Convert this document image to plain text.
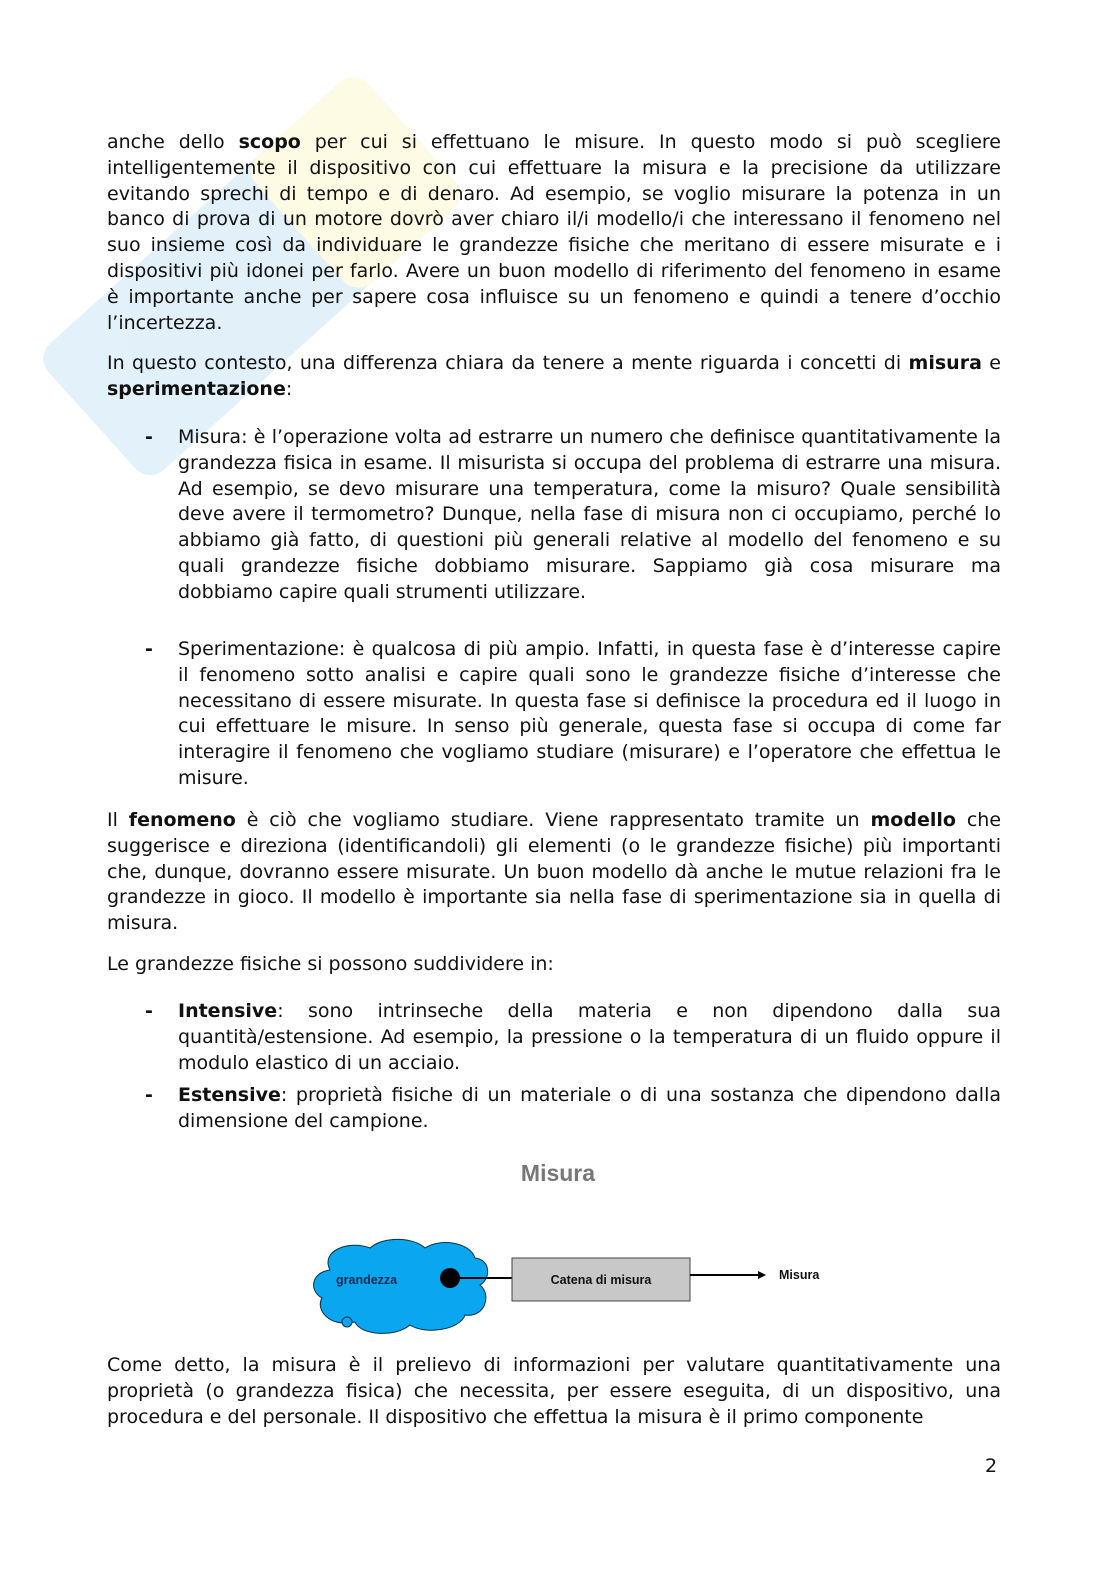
anche dello scopo per cui si effettuano le misure. In questo modo si può scegliere intelligentemente il dispositivo con cui effettuare la misura e la precisione da utilizzare evitando sprechi di tempo e di denaro. Ad esempio, se voglio misurare la potenza in un banco di prova di un motore dovrò aver chiaro il/i modello/i che interessano il fenomeno nel suo insieme così da individuare le grandezze fisiche che meritano di essere misurate e i dispositivi più idonei per farlo. Avere un buon modello di riferimento del fenomeno in esame è importante anche per sapere cosa influisce su un fenomeno e quindi a tenere d’occhio l’incertezza.
In questo contesto, una differenza chiara da tenere a mente riguarda i concetti di misura e sperimentazione:
- Misura: è l’operazione volta ad estrarre un numero che definisce quantitativamente la grandezza fisica in esame. Il misurista si occupa del problema di estrarre una misura. Ad esempio, se devo misurare una temperatura, come la misuro? Quale sensibilità deve avere il termometro? Dunque, nella fase di misura non ci occupiamo, perché lo abbiamo già fatto, di questioni più generali relative al modello del fenomeno e su quali grandezze fisiche dobbiamo misurare. Sappiamo già cosa misurare ma dobbiamo capire quali strumenti utilizzare.
- Sperimentazione: è qualcosa di più ampio. Infatti, in questa fase è d’interesse capire il fenomeno sotto analisi e capire quali sono le grandezze fisiche d’interesse che necessitano di essere misurate. In questa fase si definisce la procedura ed il luogo in cui effettuare le misure. In senso più generale, questa fase si occupa di come far interagire il fenomeno che vogliamo studiare (misurare) e l’operatore che effettua le misure.
Il fenomeno è ciò che vogliamo studiare. Viene rappresentato tramite un modello che suggerisce e direziona (identificandoli) gli elementi (o le grandezze fisiche) più importanti che, dunque, dovranno essere misurate. Un buon modello dà anche le mutue relazioni fra le grandezze in gioco. Il modello è importante sia nella fase di sperimentazione sia in quella di misura.
Le grandezze fisiche si possono suddividere in:
- Intensive: sono intrinseche della materia e non dipendono dalla sua quantità/estensione. Ad esempio, la pressione o la temperatura di un fluido oppure il modulo elastico di un acciaio.
- Estensive: proprietà fisiche di un materiale o di una sostanza che dipendono dalla dimensione del campione.
Misura
grandezza	Catena di misura	Misura
Come detto, la misura è il prelievo di informazioni per valutare quantitativamente una proprietà (o grandezza fisica) che necessita, per essere eseguita, di un dispositivo, una procedura e del personale. Il dispositivo che effettua la misura è il primo componente
2
